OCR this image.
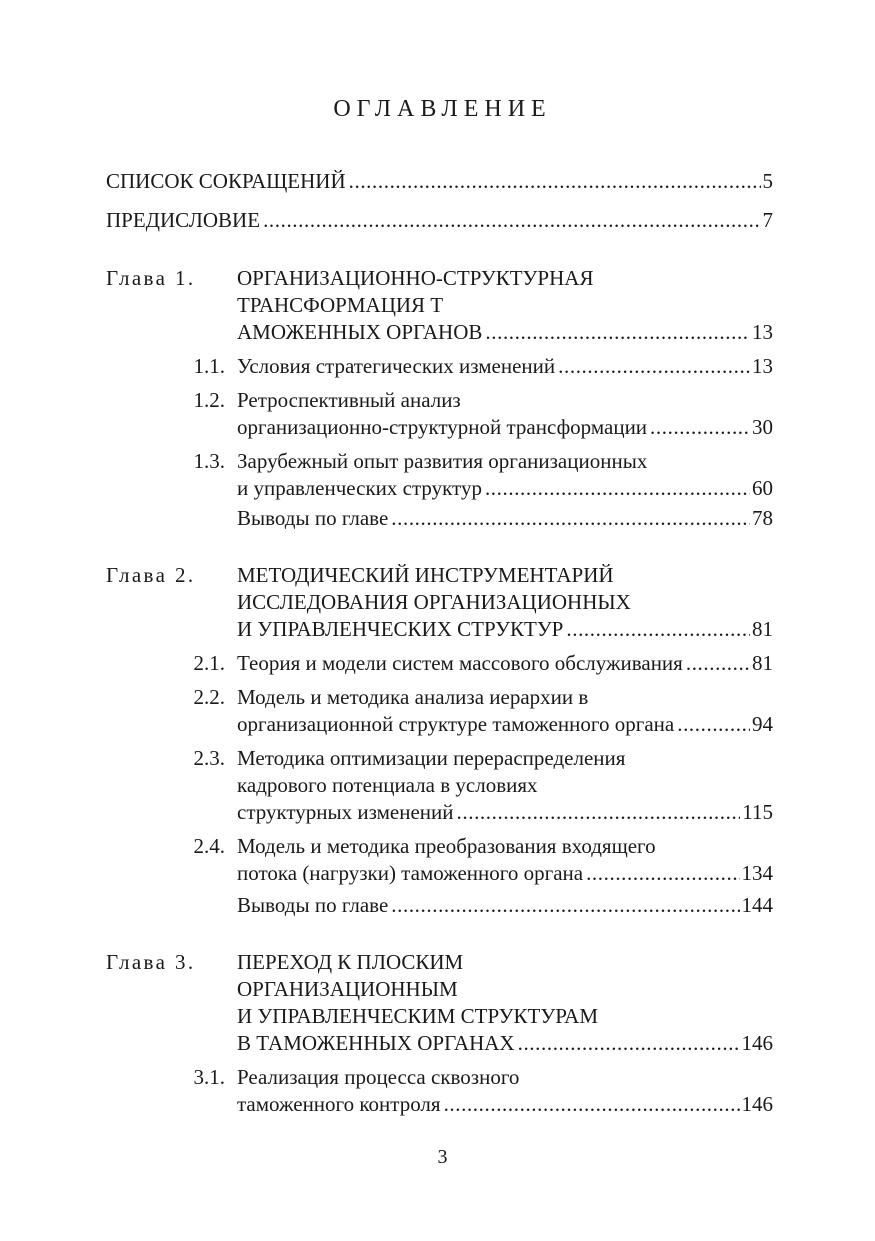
ОГЛАВЛЕНИЕ
СПИСОК СОКРАЩЕНИЙ .....	5
ПРЕДИСЛОВИЕ .....	7
Глава 1. ОРГАНИЗАЦИОННО-СТРУКТУРНАЯ
ТРАНСФОРМАЦИЯ Т
АМОЖЕННЫХ ОРГАНОВ .....	13
1.1. Условия стратегических изменений .....	13
1.2. Ретроспективный анализ
организационно-структурной трансформации .....	30
1.3. Зарубежный опыт развития организационных
и управленческих структур .....	60
Выводы по главе .....	78
Глава 2. МЕТОДИЧЕСКИЙ ИНСТРУМЕНТАРИЙ
ИССЛЕДОВАНИЯ ОРГАНИЗАЦИОННЫХ
И УПРАВЛЕНЧЕСКИХ СТРУКТУР .....	81
2.1. Теория и модели систем массового обслуживания .....	81
2.2. Модель и методика анализа иерархии в
организационной структуре таможенного органа .....	94
2.3. Методика оптимизации перераспределения
кадрового потенциала в условиях
структурных изменений .....	115
2.4. Модель и методика преобразования входящего
потока (нагрузки) таможенного органа .....	134
Выводы по главе .....	144
Глава 3. ПЕРЕХОД К ПЛОСКИМ
ОРГАНИЗАЦИОННЫМ
И УПРАВЛЕНЧЕСКИМ СТРУКТУРАМ
В ТАМОЖЕННЫХ ОРГАНАХ .....	146
3.1. Реализация процесса сквозного
таможенного контроля .....	146
3
